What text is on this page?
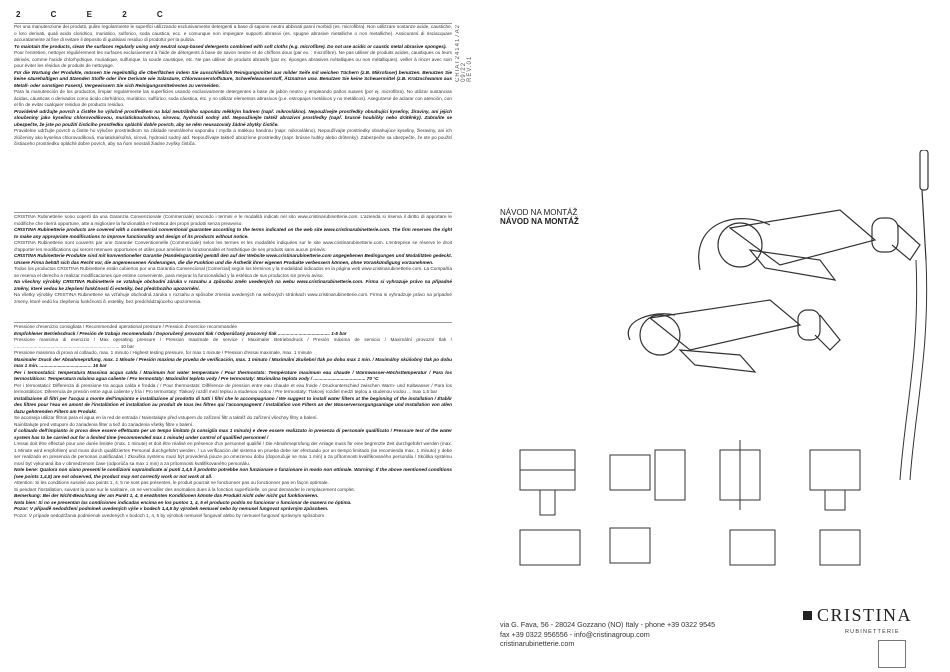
2 C E 2 C

Per una manutenzione dei prodotti, pulire regolarmente le superfici utilizzando esclusivamente detergenti a base di sapone neutro abbinati panni morbidi (es. microfibra). Non utilizzare sostanze acide, caustiche, o loro derivati, quali acido cloridrico, muriatico, sulforico, soda caustica, ecc. e comunque non impiegare supporti abrasivi (es. spugne abrasive metalliche o non metalliche). Assicurarsi di risciacquare accuratamente al fine di evitare il deposito di qualsiasi residuo di prodotto per la pulizia.

To maintain the products, clean the surfaces regularly using only neutral soap-based detergents combined with soft cloths (e.g. microfibre). Do not use acidic or caustic metal abrasive sponges).

Pour l'entretien, nettoyer régulièrement les surfaces exclusivement à l'aide de détergents à base de savon neutre et de chiffons doux (par ex. : microfibre). Ne pas utiliser de produits acides, caustiques ou leurs dérivés, comme l'acide chlorhydrique, muriatique, sulfurique, la soude caustique, etc. Ne pas utiliser de produits abrasifs (par ex. éponges abrasives métalliques ou non métalliques). veiller à rincer avec soin pour éviter les résidus de produits de nettoyage.

Für die Wartung der Produkte, müssen Sie regelmäßig die Oberflächen indem Sie ausschließlich Reinigungsmittel aus milder Seife mit weichen Tüchern (z.B. Mikrofaser) benutzen. Benutzen Sie keine säurehaltigen und ätzenden Stoffe oder ihre Derivate wie Salzsäure, Chlorwasserstoffsäure, Schwefelwasserstoff, Ätznatron usw. Benutzen Sie keine Scheuermittel (z.B. Kratzschwamm aus Metall- oder sonstigen Fasern). Vergewissern Sie sich Reinigungsmittelresten zu vermeiden.

Para la manutención de los productos, limpiar regularmente las superficies usando exclusivamente detergentes a base de jabón neutro y empleando paños suaves (por ej. microfibra). No utilizar sustancias ácidas, cáusticas o derivados como ácido clorhídrico, muriático, sulfúrico, soda cáustica, etc. y no utilizar elementos abrasivos (p.e. estropajos metálicos y no metálicos). Asegurarse de aclarar con atención, con el fin de evitar cualquier residuo de producto residuo.

Pravidelně udržujte povrch a čistěte ho výlučně prostředkem na bázi neutrálního saponátu měkkým hadrem (např. mikrovlákno). Nepoužívejte prostředky obsahující kyseliny, žíraviny, ani jejich sloučeniny jako kyselinu chlorovodíkovou, muriatickou/solnou, sírovou, hydroxid sodný atd. Nepoužívejte taktéž abrazivní prostředky (např. brusné houbičky nebo drátěnky). Zabraňte se ubezpečte, že jste po použití čisticího prostředku opláchli dobře povrch, aby se něm neusazovaly žádné zbytky čističe.

Pravidelne udržujte povrch a čistite ho výlučne prostriedkom na základe neutrálneho saponátu / mydla a mäkkou handrou (napr. mikrovlákno). Nepoužívajte prostriedky obsahujúce kyseliny, žieraviny, ani ich zlúčeniny ako kyselina chlorovodíková, muriatická/soľná, sírová, hydroxid sodný atď. Nepoužívajte taktiež abrazívne prostriedky (napr. brúsne hubky alebo drôtenky). Zabezpečte sa ubezpečte, že ste po použití čistiaceho prostriedku opláchli dobre povrch, aby na ňom neostali žiadne zvyšky čističa.

CRISTINA Rubinetterie sono coperti da una Garanzia Convenzionale (Commerciale) secondo i termini e le modalità indicati nel sito www.cristinarubinetterie.com. L'azienda si riserva il diritto di apportare le modifiche che riterrà opportune, atte a migliorare la funzionalità e l'estetica dei propri prodotti senza preavviso.

CRISTINA Rubinetterie products are covered with a commercial conventional guarantee according to the terms indicated on the web site www.cristinarubinetterie.com. The firm reserves the right to make any appropriate modifications to improve functionality and design of its products without notice.

CRISTINA Rubinetterie sont couverts par une Garantie Conventionnelle (Commerciale) selon les termes et les modalités indiquées sur le site www.cristinarubinetterie.com. L'entreprise se réserve le droit d'apporter les modifications qui seront retenues opportunes et utiles pour améliorer la fonctionnalité et l'esthétique de ses produits sans aucun préavis.

CRISTINA Rubinetterie Produkte sind mit konventioneller Garantie (Handelsgarantie) gemäß den auf der Website www.cristinarubinetterie.com angegebenen Bedingungen und Modalitäten gedeckt. Unsere Firma behält sich das Recht vor, die angemessenen Änderungen, die die Funktion und die Ästhetik ihrer eigenen Produkte verbessern können, ohne Vorankündigung vorzunehmen.

Todos los productos CRISTINA Rubinetterie están cubiertos por una Garantía Convencional (Comercial) según los términos y la modalidad indicados en la página web www.cristinarubinetterie.com. La Compañía se reserva el derecho a realizar modificaciones que estime conveniente, para mejorar la funcionalidad y la estética de sus productos sin previo aviso.

Na všechny výrobky CRISTINA Rubinetterie se vztahuje obchodní záruka v rozsahu a způsobu změn uvedených na webu www.cristinarubinetterie.com. Firma si vyhrazuje právo na případné změny, které vedou ke zlepšení funkčnosti či estetiky, bez předchozího upozornění.

Na všetky výrobky CRISTINA Rubinetterie sa vzťahuje obchodná záruka v rozsahu a spôsobe zmenia uvedených na webových stránkach www.cristinarubinetterie.com. Firma si vyhradzuje právo na prípadné zmeny, ktoré vedú ku zlepšeniu funkčnosti či estetiky, bez predchádzajúceho upozornenia.

Pressione d'esercizio consigliata / Recommended operational pressure / Pression d'exercice recommandée

Empfohlener Betriebsdruck / Presión de trabajo recomendada / Doporučený provozní tlak / Odporúčaný pracovný tlak ........................................ 1-5 bar

Pressione massima di esercizio / Max operating pressure / Pression maximale de service / Maximaler Betriebsdruck / Presión máxima de servicio / Maximální provozní tlak / ................................................................................. 10 bar

Pressione massima di prova al collaudo, max. 1 minuto / Highest testing pressure, for max 1 minute / Pression d'essai maximale, max. 1 minute

Maximaler Druck der Abnahmeprüfung, max. 1 Minute / Presión maxima de prueba de verificación, max. 1 minuto / Maximální zkušební tlak po dobu max 1 min. / Maximálny skúšobný tlak po dobu max 1 min. ........................................ 16 bar

Per i termostatici: temperatura Massima acqua calda / Maximum hot water temperature / Pour thermostats: Température maximum eau chaude / Warmwasser-Höchsttemperatur / Para los termostáticos: Temperatura máxima agua caliente / Pro termostaty: Maximální teplota vody / Pre termostaty: Maximálna teplota vody / ........................................ 70 °C

Per i termostatici: Differenza di pressione tra acqua calda e fredda / / Pour thermostats: Différence de pression entre eau chaude et eau froide / Druckunterschied zwischen Warm- und Kaltwasser / Para los termostáticos: Diferencia de presión entre agua caliente y fría / Pro termostaty: Tlakový rozdíl mezi teplou a studenou vodou / Pre termostaty: Tlakový rozdiel medzi teplou a studenou vodou ... max 1,5 bar

Installazione di filtri per l'acqua a monte dell'impianto e installazione al prodotto di tutti i filtri che lo accompagnano / We suggest to install water filters at the beginning of the installation / Établir des filtres pour l'eau en amont de l'installation et installation au produit de tous les filtres qui l'accompagnent / Installation von Filtern an der Wasserversorgungsanlage und Installation von allen dazu gehörenden Filtern am Produkt.

Se aconseja utilizar filtros para el agua en la red de entrada / Nainstalujte před vstupem do zařízení filtr a taktéž do zařízení všechny filtry a balení.

Nainštalujte pred vstupom do zariadenia filter a tiež do zariadenia všetky filtre v balení.

Il collaudo dell'impianto in prova deve essere effettuato per un tempo limitato (a consiglia max 1 minuto) e deve essere realizzato in presenza di personale qualificato / Pressure test of the water system has to be carried out for a limited time (recommended max 1 minute) under control of qualified personnel /

L'essai doit être effectué pour une durée limitée (max. 1 minute) et doit être réalisé en présence d'un personnel qualifié / Die Abnahmeprüfung der Anlage muss für eine begrenzte Zeit durchgeführt werden (max. 1 Minute wird empfohlen) und muss durch qualifiziertes Personal durchgeführt werden. / La verificación del sistema en prueba debe ser efectuado por un tiempo limitado (se recomienda max. 1 minuto) y debe ser realizado en presencia de personas cualificadas / Zkouška systému musí být provedená pouze po omezenou dobu (doporučuje se max 1 min) a za přítomnosti kvalifikovaného personálu / Skúška systému musí byť vykonaná iba v obmedzenom čase (odporúča sa max 1 min) a za prítomnosti kvalifikovaného personálu.

Note bene: Qualora non siano presenti le condizioni sopraindicate ai punti 1,4,5 il prodotto potrebbe non funzionare o funzionare in modo non ottimale. Warning: If the above mentioned conditions (see points 1,4,5) are not observed, the product may not correctly work or not work at all.

Attention: Si les conditions susvisé aux points 1, 4, 5 ne sont pas présentes, le produit pourrait ne fonctionner pas ou fonctionner pas en façon optimale.

Si pendant l'installation, suivant la pose sur le sanitaire, on ne verrouiller des anomalies dues à la fonction superficielle, on peut demander le remplacement complet.

Bemerkung: Bei der Nicht-Beachtung der am Punkt 1, 4, 5 erwähnten Konditionen könnte das Produkt nicht oder nicht gut funktionieren.

Nota bien: Si no se presentan las condiciones indicadas encima en los puntos 1, 4, 5 el producto podría no funcionar o funcionar de manera no óptima.

Pozor: V případě nedodržení podmínek uvedených výše v bodech 1,4,5 by výrobek nemusel nebo by nemusel fungovat správným způsobem.

Pozor: V prípade nedodržania podmienok uvedených v bodoch 1, 4, 5 by výrobok nemusel fungovať alebo by nemusel fungovať správnym spôsobom.

CRIAT241417A2 09/22 REV.01
NÁVOD NA MONTÁŽ
NÁVOD NA MONTÁŽ
via G. Fava, 56 - 28024 Gozzano (NO) Italy - phone +39 0322 9545
fax +39 0322 956556 - info@cristinagroup.com
cristinarubinetterie.com
CRISTINA
RUBINETTERIE
